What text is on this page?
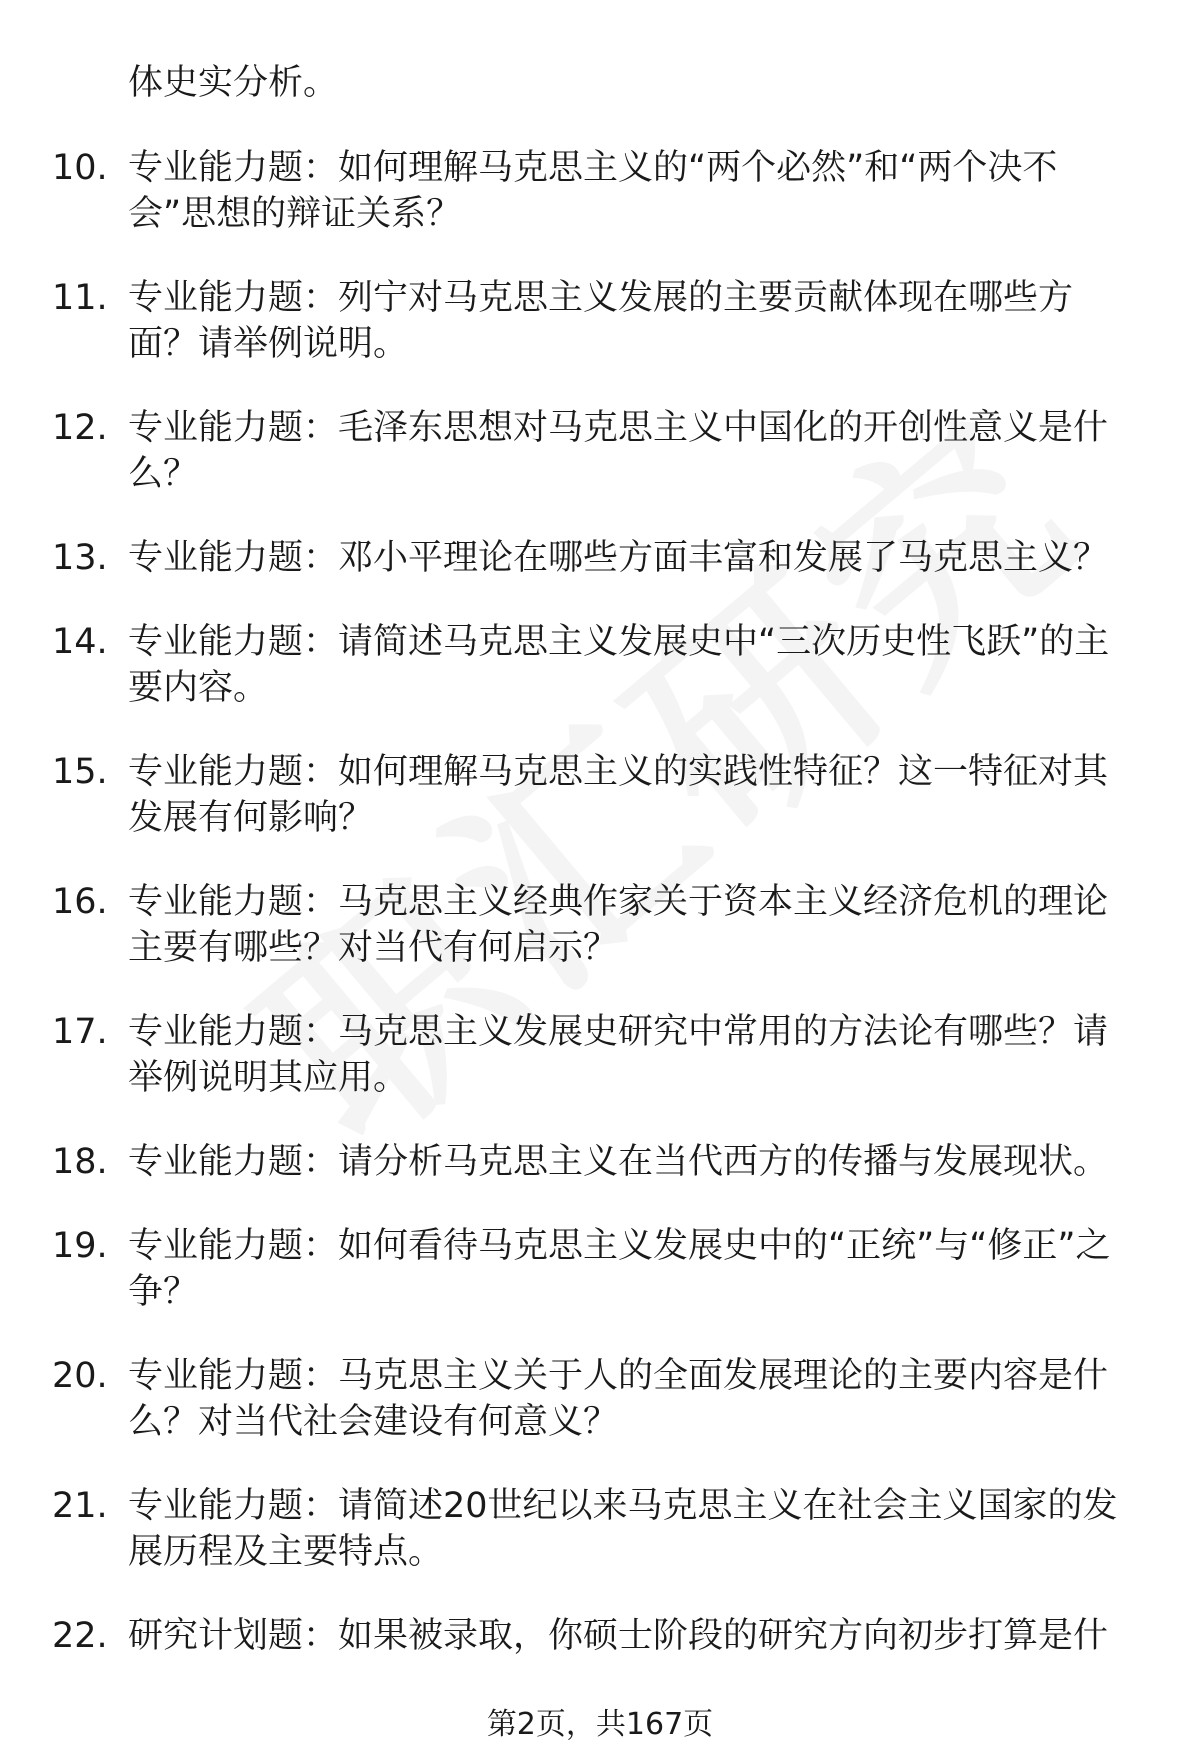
体史实分析。
10. 专业能力题：如何理解马克思主义的“两个必然”和“两个决不会”思想的辩证关系？
11. 专业能力题：列宁对马克思主义发展的主要贡献体现在哪些方面？请举例说明。
12. 专业能力题：毛泽东思想对马克思主义中国化的开创性意义是什么？
13. 专业能力题：邓小平理论在哪些方面丰富和发展了马克思主义？
14. 专业能力题：请简述马克思主义发展史中“三次历史性飞跃”的主要内容。
15. 专业能力题：如何理解马克思主义的实践性特征？这一特征对其发展有何影响？
16. 专业能力题：马克思主义经典作家关于资本主义经济危机的理论主要有哪些？对当代有何启示？
17. 专业能力题：马克思主义发展史研究中常用的方法论有哪些？请举例说明其应用。
18. 专业能力题：请分析马克思主义在当代西方的传播与发展现状。
19. 专业能力题：如何看待马克思主义发展史中的“正统”与“修正”之争？
20. 专业能力题：马克思主义关于人的全面发展理论的主要内容是什么？对当代社会建设有何意义？
21. 专业能力题：请简述20世纪以来马克思主义在社会主义国家的发展历程及主要特点。
22. 研究计划题：如果被录取，你硕士阶段的研究方向初步打算是什
第2页，共167页
